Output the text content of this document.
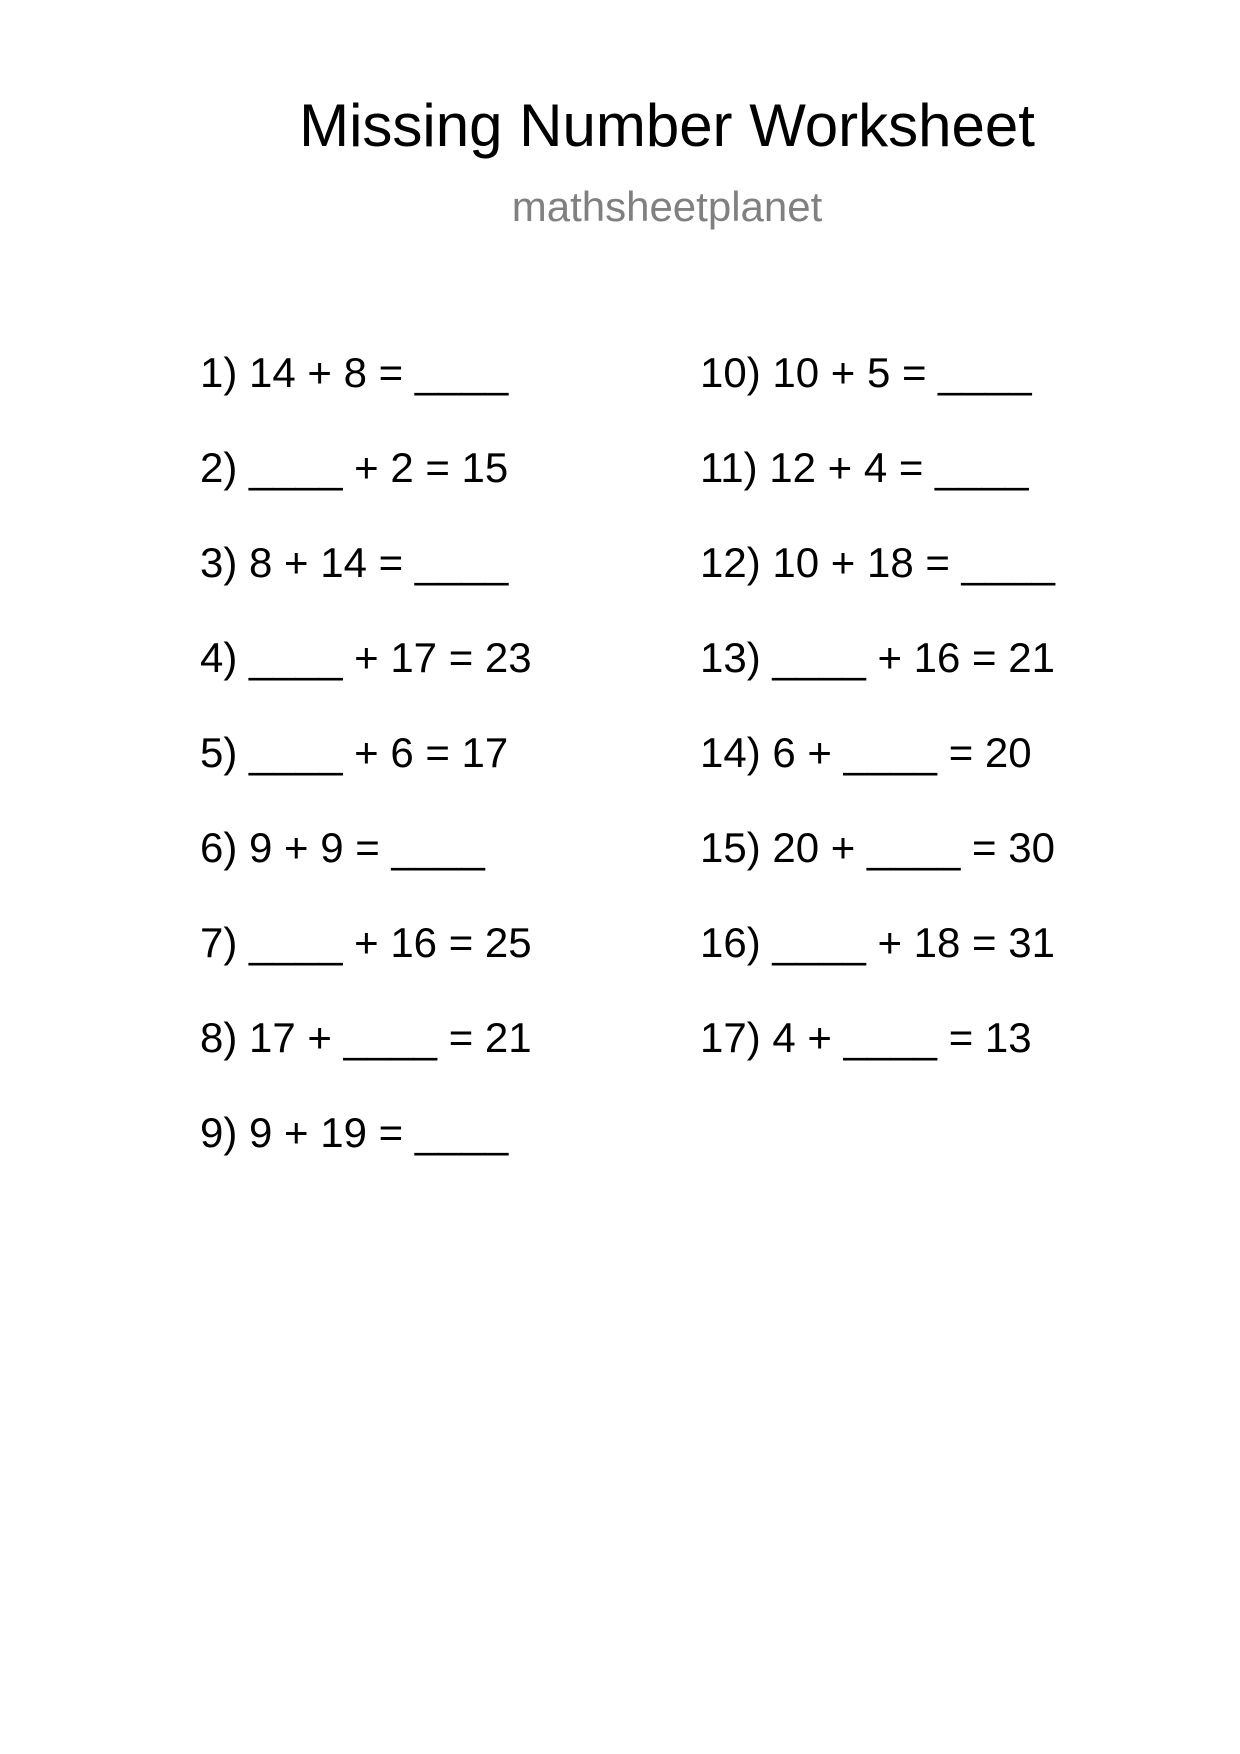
Missing Number Worksheet
mathsheetplanet
1) 14 + 8 = ____
2) ____ + 2 = 15
3) 8 + 14 = ____
4) ____ + 17 = 23
5) ____ + 6 = 17
6) 9 + 9 = ____
7) ____ + 16 = 25
8) 17 + ____ = 21
9) 9 + 19 = ____
10) 10 + 5 = ____
11) 12 + 4 = ____
12) 10 + 18 = ____
13) ____ + 16 = 21
14) 6 + ____ = 20
15) 20 + ____ = 30
16) ____ + 18 = 31
17) 4 + ____ = 13
